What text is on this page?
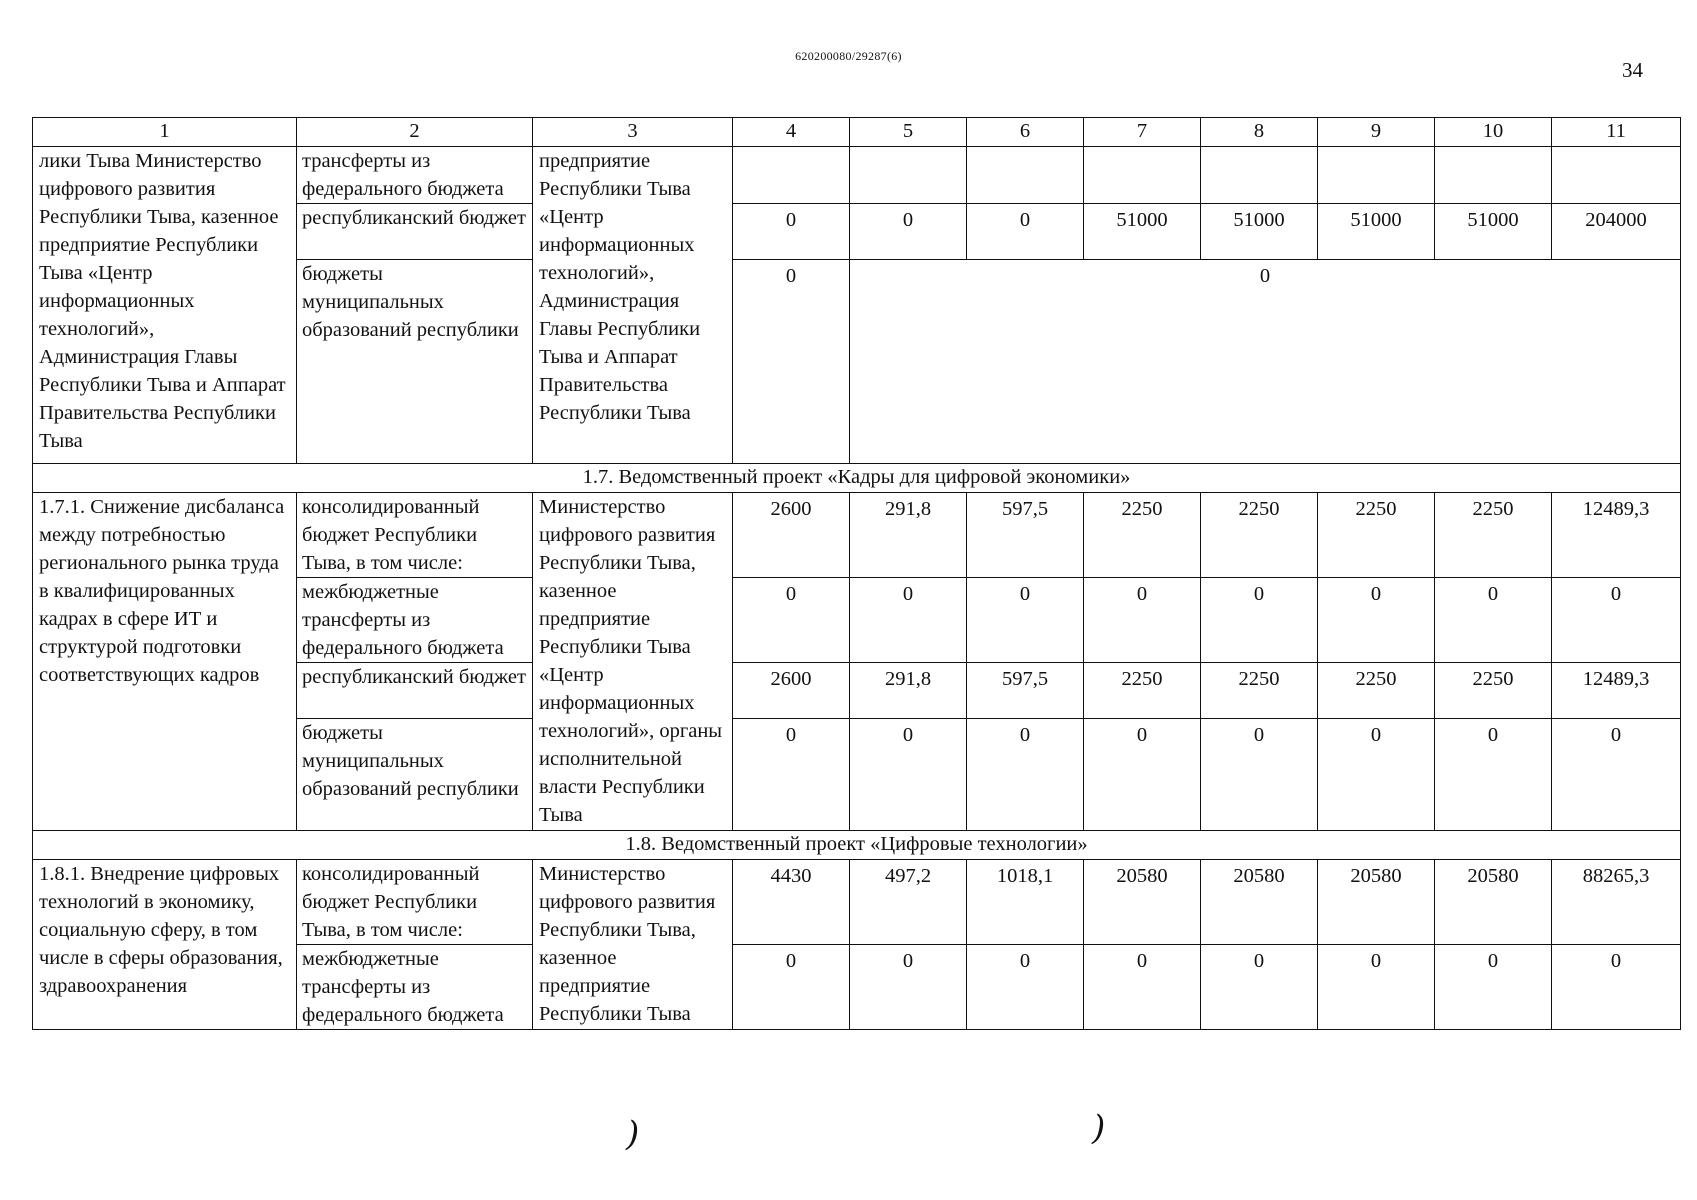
620200080/29287(6)
34
1	2	3	4	5	6	7	8	9	10	11
лики Тыва Министерство цифрового развития Республики Тыва, казенное предприятие Республики Тыва «Центр информационных технологий», Администрация Главы Республики Тыва и Аппарат Правительства Республики Тыва	трансферты из федерального бюджета	предприятие Республики Тыва «Центр информационных технологий», Администрация Главы Республики Тыва и Аппарат Правительства Республики Тыва								
	республиканский бюджет		0	0	0	51000	51000	51000	51000	204000
	бюджеты муниципальных образований республики		0	0						
1.7. Ведомственный проект «Кадры для цифровой экономики»										
1.7.1. Снижение дисбаланса между потребностью регионального рынка труда в квалифицированных кадрах в сфере ИТ и структурой подготовки соответствующих кадров	консолидированный бюджет Республики Тыва, в том числе:	Министерство цифрового развития Республики Тыва, казенное предприятие Республики Тыва «Центр информационных технологий», органы исполнительной власти Республики Тыва	2600	291,8	597,5	2250	2250	2250	2250	12489,3
	межбюджетные трансферты из федерального бюджета		0	0	0	0	0	0	0	0
	республиканский бюджет		2600	291,8	597,5	2250	2250	2250	2250	12489,3
	бюджеты муниципальных образований республики		0	0	0	0	0	0	0	0
1.8. Ведомственный проект «Цифровые технологии»										
1.8.1. Внедрение цифровых технологий в экономику, социальную сферу, в том числе в сферы образования, здравоохранения	консолидированный бюджет Республики Тыва, в том числе:	Министерство цифрового развития Республики Тыва, казенное предприятие Республики Тыва	4430	497,2	1018,1	20580	20580	20580	20580	88265,3
	межбюджетные трансферты из федерального бюджета		0	0	0	0	0	0	0	0
)	)
